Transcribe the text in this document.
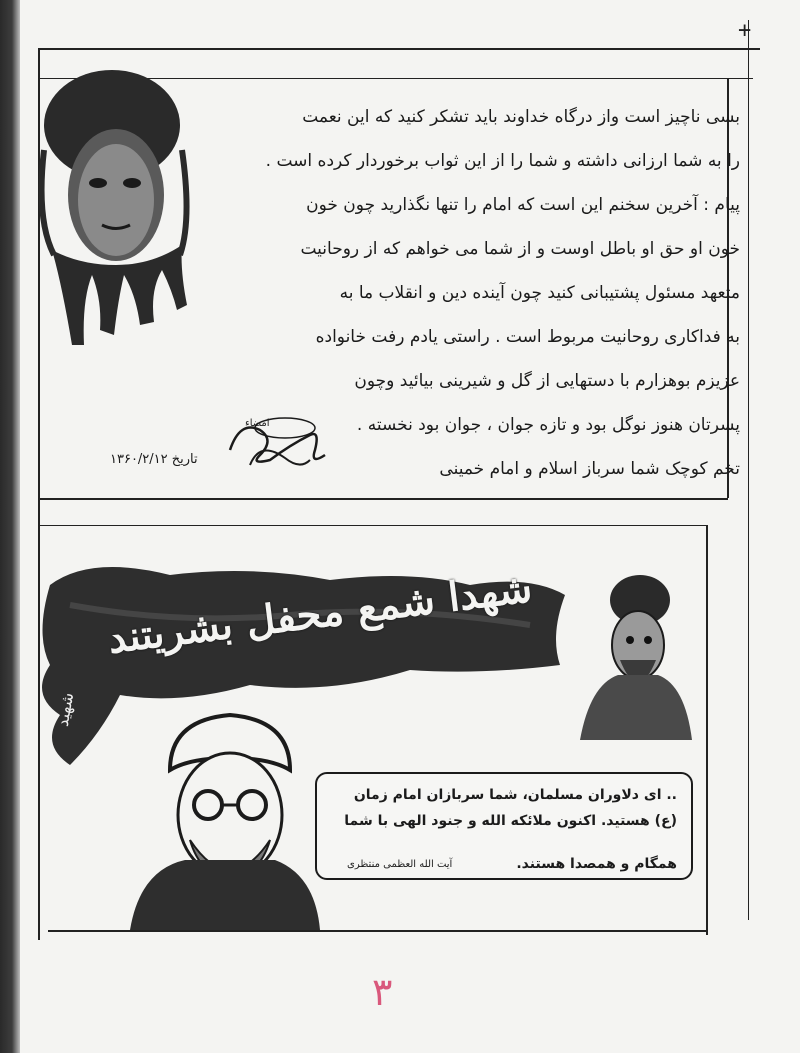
+
بسی ناچیز است واز درگاه خداوند باید تشکر کنید که این نعمت
را به شما ارزانی داشته و شما را از این ثواب برخوردار کرده است .
پیام : آخرین سخنم این است که امام را تنها نگذارید چون خون
خون او حق او باطل اوست و از شما می خواهم که از روحانیت
متعهد مسئول پشتیبانی کنید چون آینده دین و انقلاب ما به
به فداکاری روحانیت مربوط است . راستی یادم رفت خانواده
عزیزم بوهزارم با دستهایی از گل و شیرینی بیائید وچون
پسرتان هنوز نوگل بود و تازه جوان ، جوان بود نخسته .
تخم کوچک شما سرباز اسلام و امام خمینی
امضاء
تاریخ ۱۳۶۰/۲/۱۲
شهدا شمع محفل بشریتند
شهید
.. ای دلاوران مسلمان، شما سربازان امام زمان
(ع) هستید. اکنون ملائکه الله و جنود الهی با شما
آیت الله العظمی منتظری	همگام و همصدا هستند.
۳
